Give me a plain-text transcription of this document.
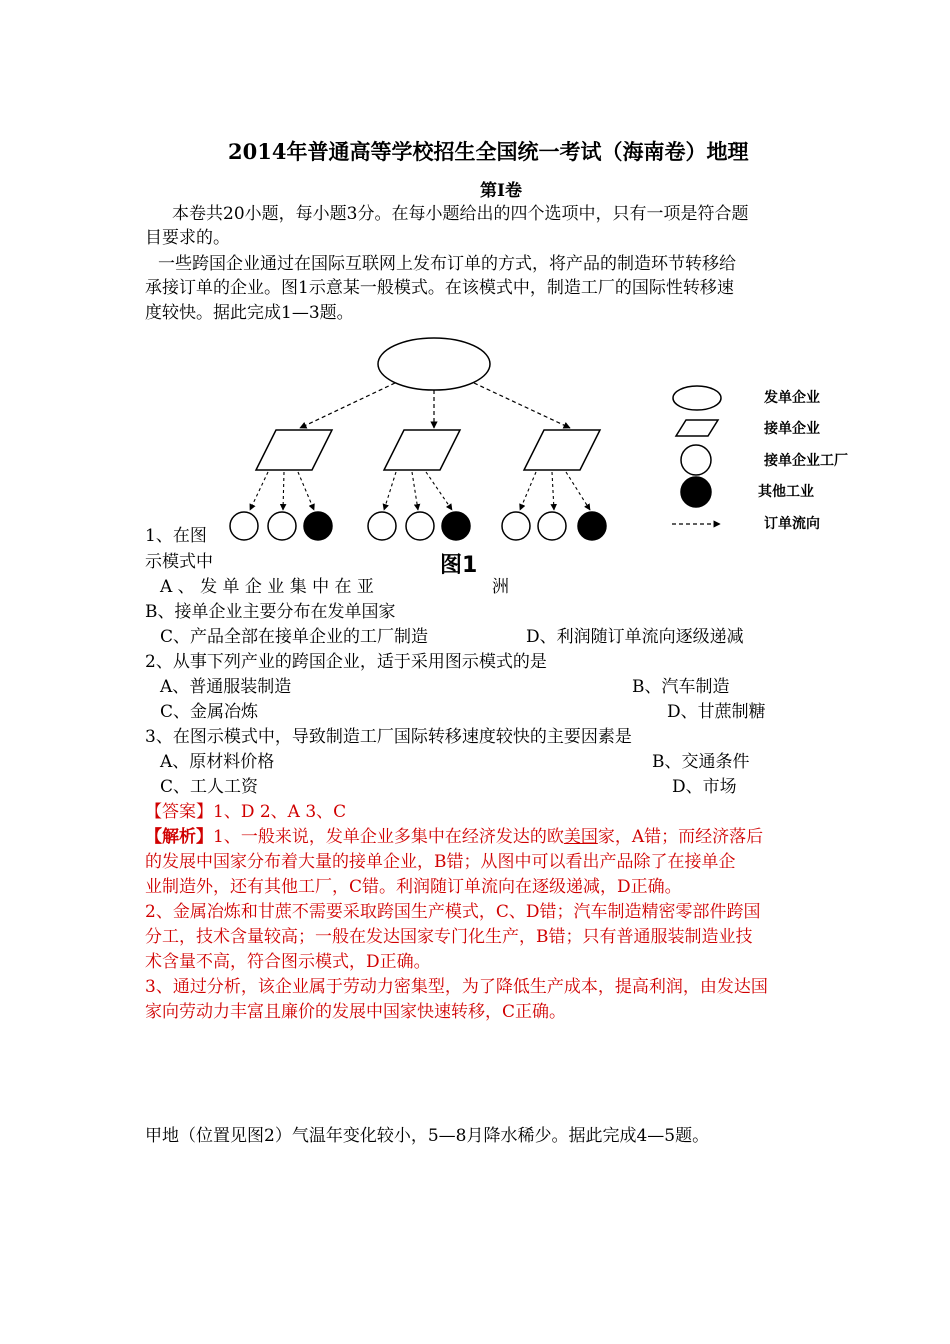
2014年普通高等学校招生全国统一考试（海南卷）地理
第Ⅰ卷
本卷共20小题，每小题3分。在每小题给出的四个选项中，只有一项是符合题
目要求的。
一些跨国企业通过在国际互联网上发布订单的方式，将产品的制造环节转移给
承接订单的企业。图1示意某一般模式。在该模式中，制造工厂的国际性转移速
度较快。据此完成1—3题。
图1
发单企业
接单企业
接单企业工厂
其他工业
订单流向
1、在图
示模式中
A 、 发 单 企 业 集 中 在 亚	洲
B、接单企业主要分布在发单国家
C、产品全部在接单企业的工厂制造	D、利润随订单流向逐级递减
2、从事下列产业的跨国企业，适于采用图示模式的是
A、普通服装制造	B、汽车制造
C、金属冶炼	D、甘蔗制糖
3、在图示模式中，导致制造工厂国际转移速度较快的主要因素是
A、原材料价格	B、交通条件
C、工人工资	D、市场
【答案】1、D 2、A 3、C
【解析】1、一般来说，发单企业多集中在经济发达的欧美国家，A错；而经济落后
的发展中国家分布着大量的接单企业，B错；从图中可以看出产品除了在接单企
业制造外，还有其他工厂，C错。利润随订单流向在逐级递减，D正确。
2、金属冶炼和甘蔗不需要采取跨国生产模式，C、D错；汽车制造精密零部件跨国
分工，技术含量较高；一般在发达国家专门化生产，B错；只有普通服装制造业技
术含量不高，符合图示模式，D正确。
3、通过分析，该企业属于劳动力密集型，为了降低生产成本，提高利润，由发达国
家向劳动力丰富且廉价的发展中国家快速转移，C正确。
甲地（位置见图2）气温年变化较小，5—8月降水稀少。据此完成4—5题。
